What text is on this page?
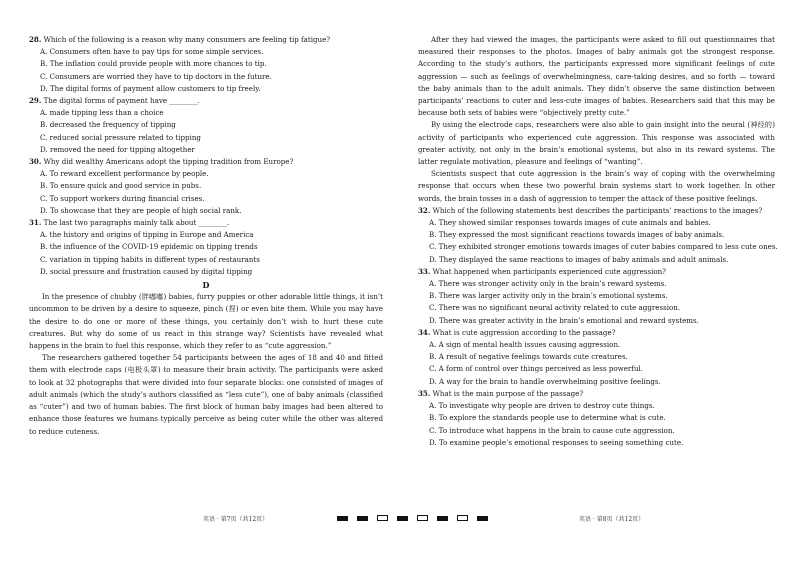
28. Which of the following is a reason why many consumers are feeling tip fatigue?

A. Consumers often have to pay tips for some simple services.

B. The inflation could provide people with more chances to tip.

C. Consumers are worried they have to tip doctors in the future.

D. The digital forms of payment allow customers to tip freely.

29. The digital forms of payment have ________.

A. made tipping less than a choice

B. decreased the frequency of tipping

C. reduced social pressure related to tipping

D. removed the need for tipping altogether

30. Why did wealthy Americans adopt the tipping tradition from Europe?

A. To reward excellent performance by people.

B. To ensure quick and good service in pubs.

C. To support workers during financial crises.

D. To showcase that they are people of high social rank.

31. The last two paragraphs mainly talk about ________.

A. the history and origins of tipping in Europe and America

B. the influence of the COVID-19 epidemic on tipping trends

C. variation in tipping habits in different types of restaurants

D. social pressure and frustration caused by digital tipping

D

In the presence of chubby (胖嘟嘟) babies, furry puppies or other adorable little things, it isn’t uncommon to be driven by a desire to squeeze, pinch (捏) or even bite them. While you may have the desire to do one or more of these things, you certainly don’t wish to hurt these cute creatures. But why do some of us react in this strange way? Scientists have revealed what happens in the brain to fuel this response, which they refer to as “cute aggression.”

The researchers gathered together 54 participants between the ages of 18 and 40 and fitted them with electrode caps (电极头罩) to measure their brain activity. The participants were asked to look at 32 photographs that were divided into four separate blocks: one consisted of images of adult animals (which the study’s authors classified as “less cute”), one of baby animals (classified as “cuter”) and two of human babies. The first block of human baby images had been altered to enhance those features we humans typically perceive as being cuter while the other was altered to reduce cuteness.

After they had viewed the images, the participants were asked to fill out questionnaires that measured their responses to the photos. Images of baby animals got the strongest response. According to the study’s authors, the participants expressed more significant feelings of cute aggression — such as feelings of overwhelmingness, care-taking desires, and so forth — toward the baby animals than to the adult animals. They didn’t observe the same distinction between participants’ reactions to cuter and less-cute images of babies. Researchers said that this may be because both sets of babies were “objectively pretty cute.”

By using the electrode caps, researchers were also able to gain insight into the neural (神经的) activity of participants who experienced cute aggression. This response was associated with greater activity, not only in the brain’s emotional systems, but also in its reward systems. The latter regulate motivation, pleasure and feelings of “wanting”.

Scientists suspect that cute aggression is the brain’s way of coping with the overwhelming response that occurs when these two powerful brain systems start to work together. In other words, the brain tosses in a dash of aggression to temper the attack of these positive feelings.

32. Which of the following statements best describes the participants’ reactions to the images?

A. They showed similar responses towards images of cute animals and babies.

B. They expressed the most significant reactions towards images of baby animals.

C. They exhibited stronger emotions towards images of cuter babies compared to less cute ones.

D. They displayed the same reactions to images of baby animals and adult animals.

33. What happened when participants experienced cute aggression?

A. There was stronger activity only in the brain’s reward systems.

B. There was larger activity only in the brain’s emotional systems.

C. There was no significant neural activity related to cute aggression.

D. There was greater activity in the brain’s emotional and reward systems.

34. What is cute aggression according to the passage?

A. A sign of mental health issues causing aggression.

B. A result of negative feelings towards cute creatures.

C. A form of control over things perceived as less powerful.

D. A way for the brain to handle overwhelming positive feelings.

35. What is the main purpose of the passage?

A. To investigate why people are driven to destroy cute things.

B. To explore the standards people use to determine what is cute.

C. To introduce what happens in the brain to cause cute aggression.

D. To examine people’s emotional responses to seeing something cute.

英语 · 第7页（共12页）	英语 · 第8页（共12页）
